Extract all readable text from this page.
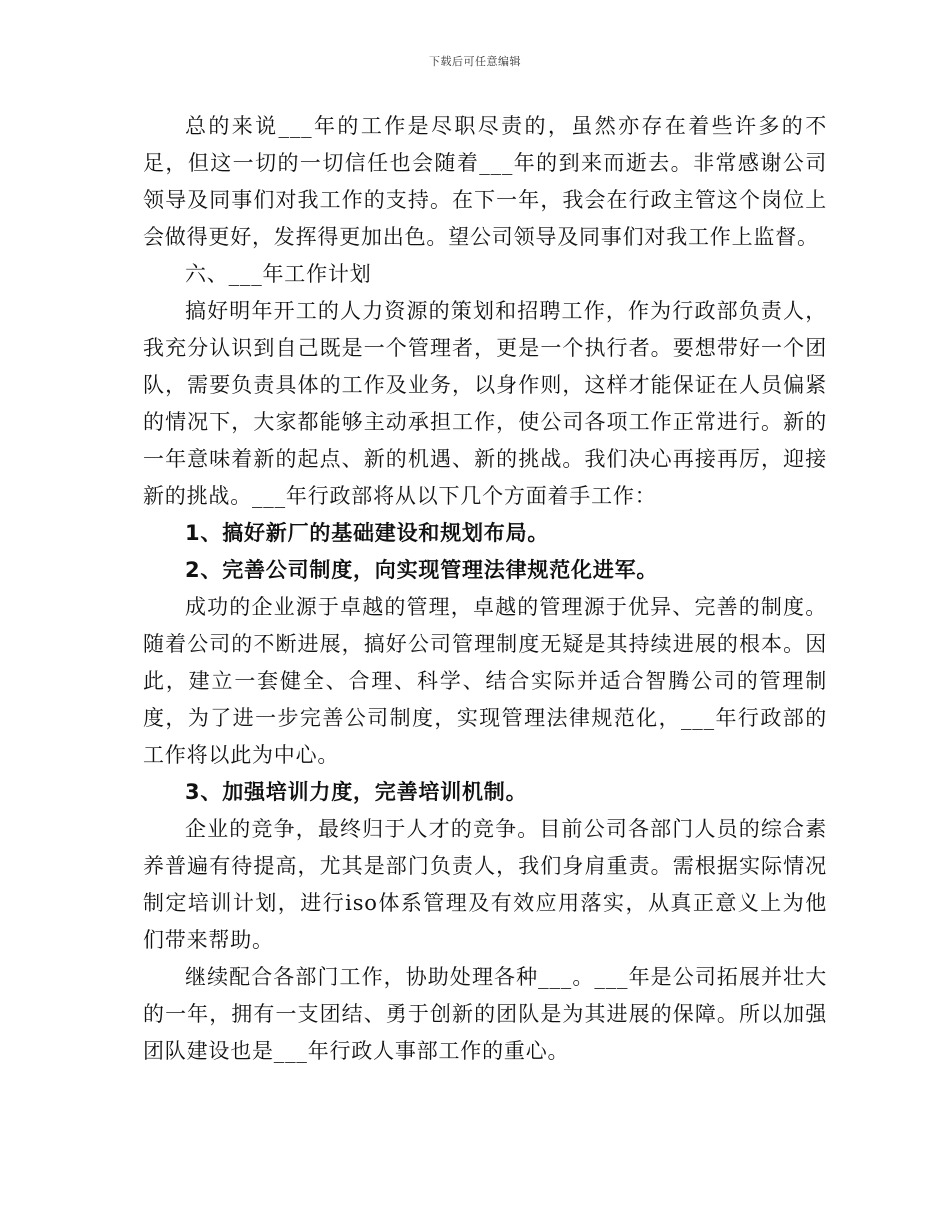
下载后可任意编辑

总的来说___年的工作是尽职尽责的，虽然亦存在着些许多的不足，但这一切的一切信任也会随着___年的到来而逝去。非常感谢公司领导及同事们对我工作的支持。在下一年，我会在行政主管这个岗位上会做得更好，发挥得更加出色。望公司领导及同事们对我工作上监督。

六、___年工作计划

搞好明年开工的人力资源的策划和招聘工作，作为行政部负责人，我充分认识到自己既是一个管理者，更是一个执行者。要想带好一个团队，需要负责具体的工作及业务，以身作则，这样才能保证在人员偏紧的情况下，大家都能够主动承担工作，使公司各项工作正常进行。新的一年意味着新的起点、新的机遇、新的挑战。我们决心再接再厉，迎接新的挑战。___年行政部将从以下几个方面着手工作：

1、搞好新厂的基础建设和规划布局。

2、完善公司制度，向实现管理法律规范化进军。

成功的企业源于卓越的管理，卓越的管理源于优异、完善的制度。随着公司的不断进展，搞好公司管理制度无疑是其持续进展的根本。因此，建立一套健全、合理、科学、结合实际并适合智腾公司的管理制度，为了进一步完善公司制度，实现管理法律规范化，___年行政部的工作将以此为中心。

3、加强培训力度，完善培训机制。

企业的竞争，最终归于人才的竞争。目前公司各部门人员的综合素养普遍有待提高，尤其是部门负责人，我们身肩重责。需根据实际情况制定培训计划，进行iso体系管理及有效应用落实，从真正意义上为他们带来帮助。

继续配合各部门工作，协助处理各种___。___年是公司拓展并壮大的一年，拥有一支团结、勇于创新的团队是为其进展的保障。所以加强团队建设也是___年行政人事部工作的重心。
